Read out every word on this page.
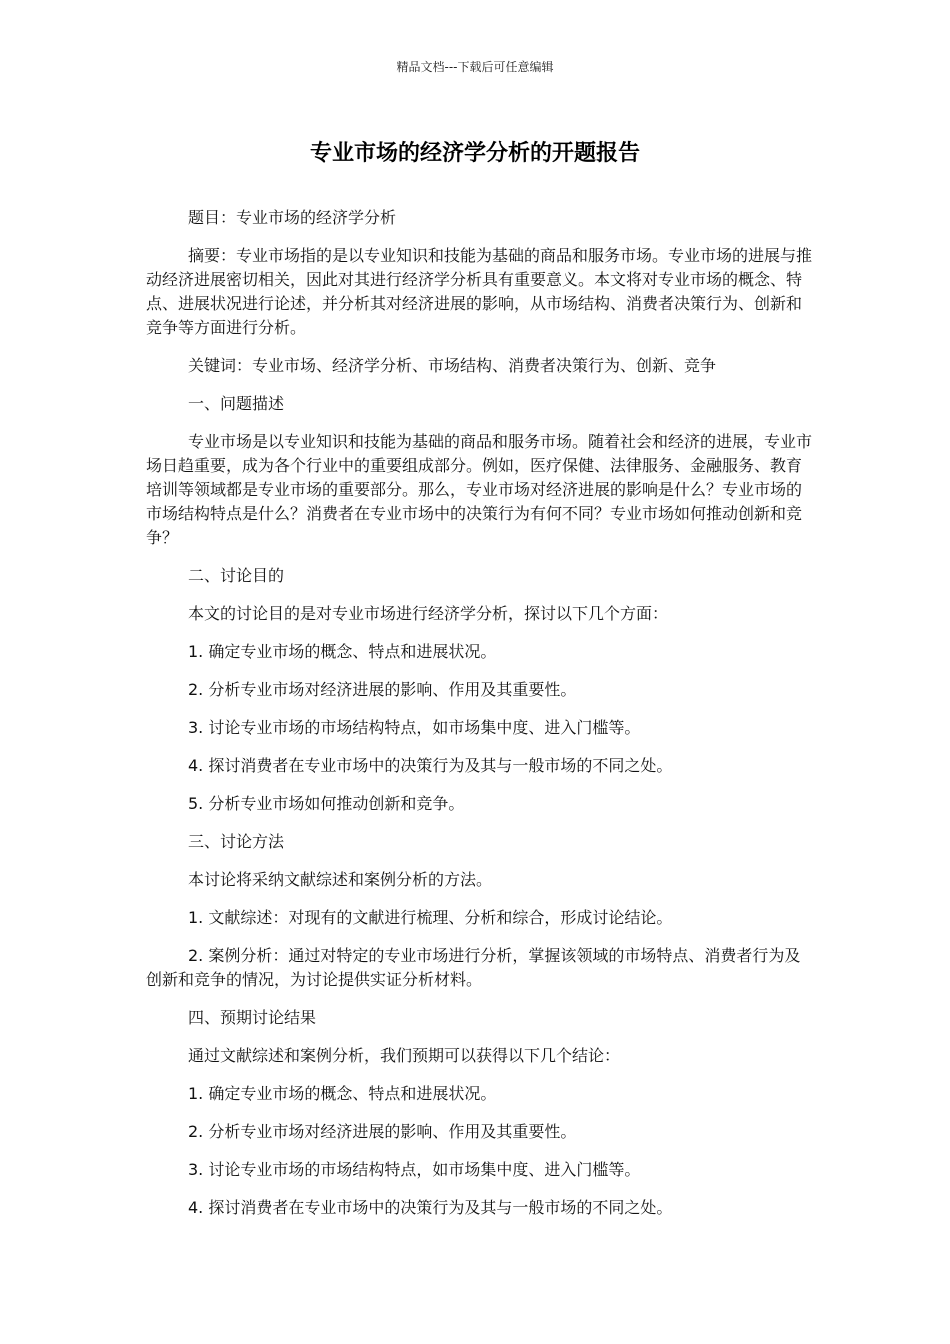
精品文档---下载后可任意编辑
专业市场的经济学分析的开题报告

题目：专业市场的经济学分析

摘要：专业市场指的是以专业知识和技能为基础的商品和服务市场。专业市场的进展与推动经济进展密切相关，因此对其进行经济学分析具有重要意义。本文将对专业市场的概念、特点、进展状况进行论述，并分析其对经济进展的影响，从市场结构、消费者决策行为、创新和竞争等方面进行分析。

关键词：专业市场、经济学分析、市场结构、消费者决策行为、创新、竞争

一、问题描述

专业市场是以专业知识和技能为基础的商品和服务市场。随着社会和经济的进展，专业市场日趋重要，成为各个行业中的重要组成部分。例如，医疗保健、法律服务、金融服务、教育培训等领域都是专业市场的重要部分。那么，专业市场对经济进展的影响是什么？专业市场的市场结构特点是什么？消费者在专业市场中的决策行为有何不同？专业市场如何推动创新和竞争？

二、讨论目的

本文的讨论目的是对专业市场进行经济学分析，探讨以下几个方面：

1. 确定专业市场的概念、特点和进展状况。

2. 分析专业市场对经济进展的影响、作用及其重要性。

3. 讨论专业市场的市场结构特点，如市场集中度、进入门槛等。

4. 探讨消费者在专业市场中的决策行为及其与一般市场的不同之处。

5. 分析专业市场如何推动创新和竞争。

三、讨论方法

本讨论将采纳文献综述和案例分析的方法。

1. 文献综述：对现有的文献进行梳理、分析和综合，形成讨论结论。

2. 案例分析：通过对特定的专业市场进行分析，掌握该领域的市场特点、消费者行为及创新和竞争的情况，为讨论提供实证分析材料。

四、预期讨论结果

通过文献综述和案例分析，我们预期可以获得以下几个结论：

1. 确定专业市场的概念、特点和进展状况。

2. 分析专业市场对经济进展的影响、作用及其重要性。

3. 讨论专业市场的市场结构特点，如市场集中度、进入门槛等。

4. 探讨消费者在专业市场中的决策行为及其与一般市场的不同之处。
